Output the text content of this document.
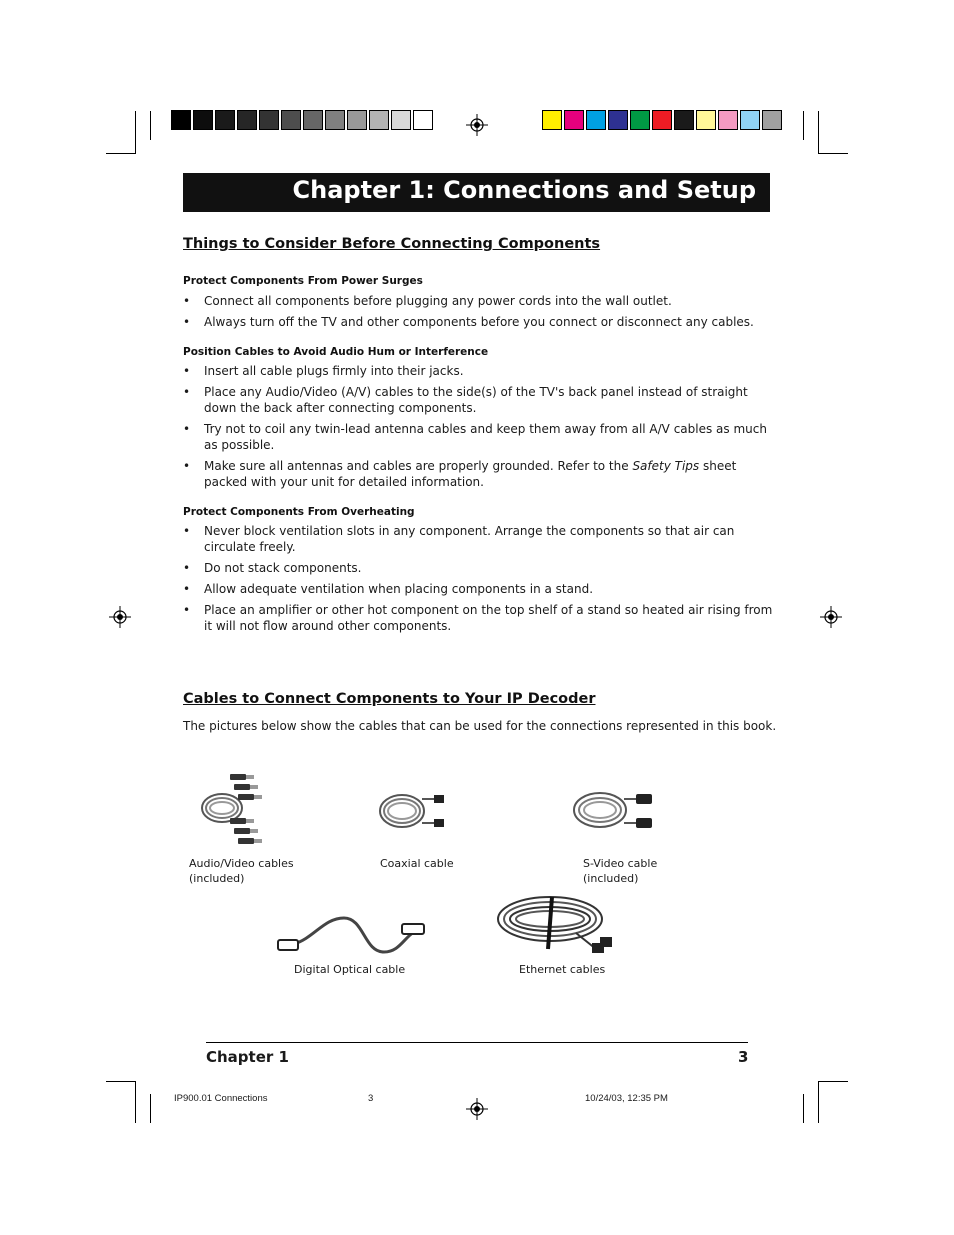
Chapter 1: Connections and Setup
Things to Consider Before Connecting Components
Protect Components From Power Surges
• Connect all components before plugging any power cords into the wall outlet.
• Always turn off the TV and other components before you connect or disconnect any cables.
Position Cables to Avoid Audio Hum or Interference
• Insert all cable plugs firmly into their jacks.
• Place any Audio/Video (A/V) cables to the side(s) of the TV's back panel instead of straight down the back after connecting components.
• Try not to coil any twin-lead antenna cables and keep them away from all A/V cables as much as possible.
• Make sure all antennas and cables are properly grounded. Refer to the Safety Tips sheet packed with your unit for detailed information.
Protect Components From Overheating
• Never block ventilation slots in any component. Arrange the components so that air can circulate freely.
• Do not stack components.
• Allow adequate ventilation when placing components in a stand.
• Place an amplifier or other hot component on the top shelf of a stand so heated air rising from it will not flow around other components.
Cables to Connect Components to Your IP Decoder
The pictures below show the cables that can be used for the connections represented in this book.
Audio/Video cables
(included)
Coaxial cable	S-Video cable
(included)
Digital Optical cable	Ethernet cables
Chapter 1	3
IP900.01 Connections	3	10/24/03, 12:35 PM
